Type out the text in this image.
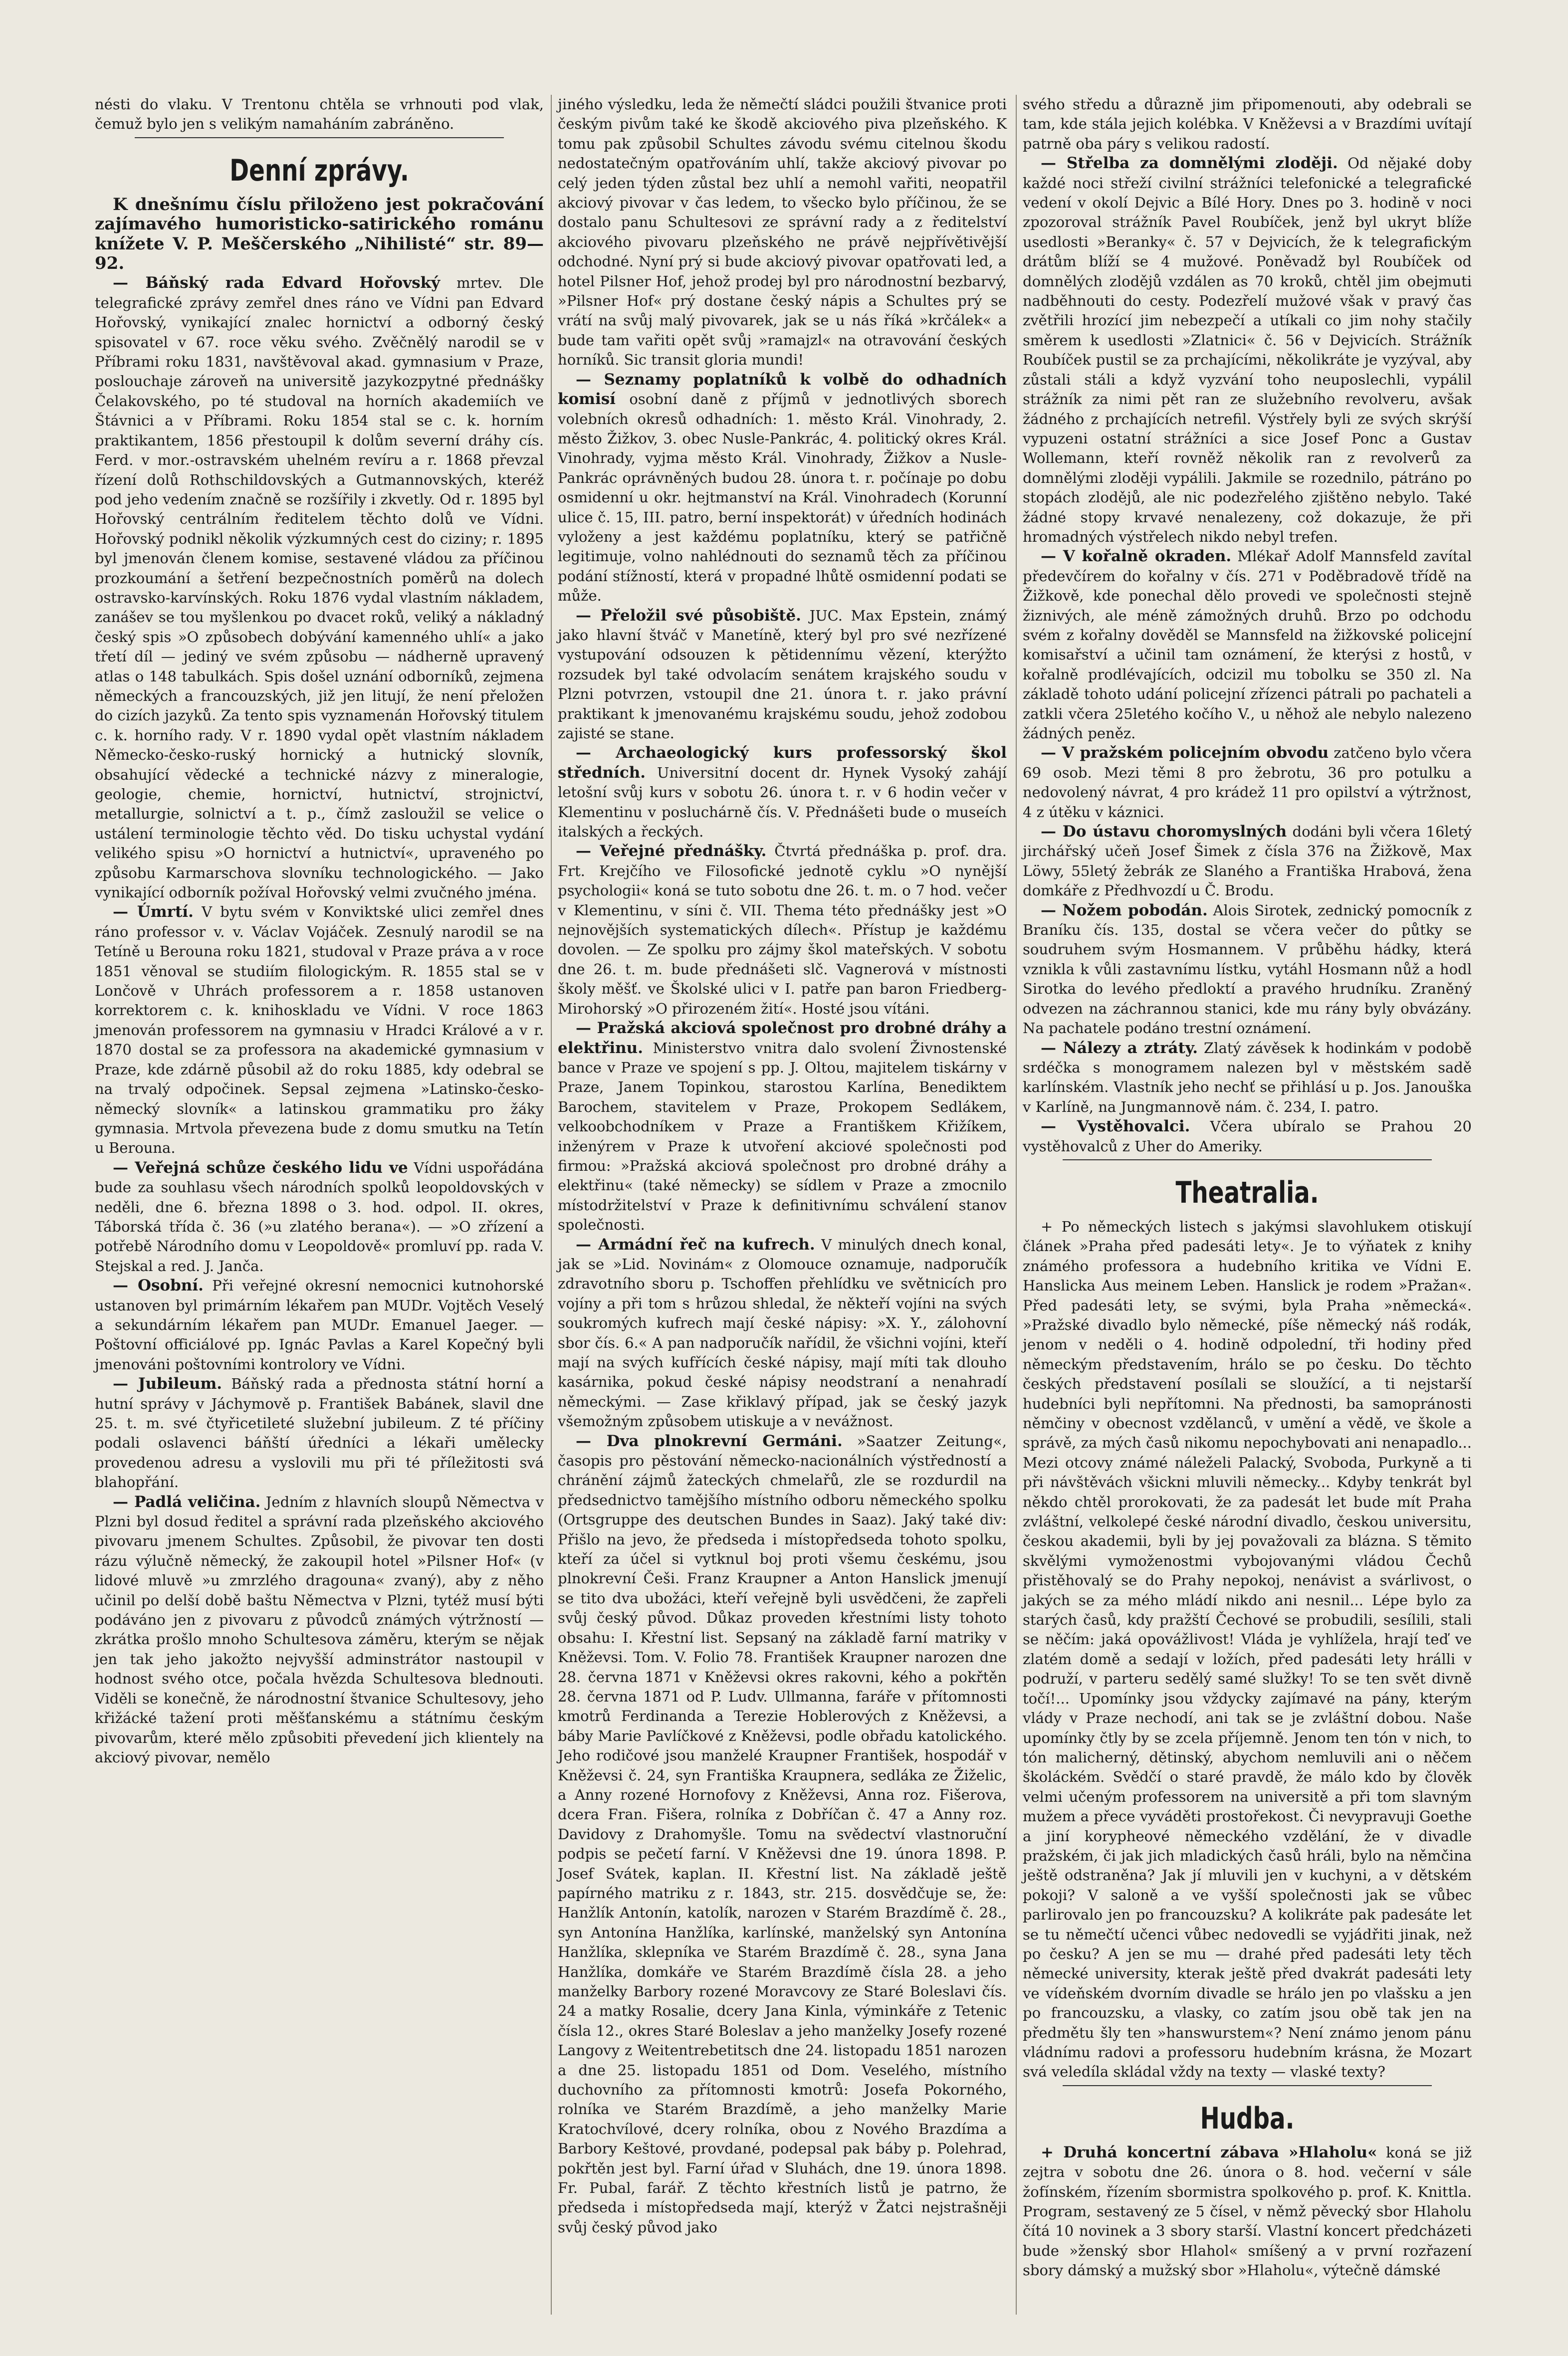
nésti do vlaku. V Trentonu chtěla se vrhnouti pod vlak, čemuž bylo jen s velikým namaháním zabráněno.

Denní zprávy.

K dnešnímu číslu přiloženo jest pokračování zajímavého humoristicko-satirického románu knížete V. P. Meščerského „Nihilisté“ str. 89—92.

— Báňský rada Edvard Hořovský mrtev. Dle telegrafické zprávy zemřel dnes ráno ve Vídni pan Edvard Hořovský, vynikající znalec hornictví a odborný český spisovatel v 67. roce věku svého. Zvěčnělý narodil se v Příbrami roku 1831, navštěvoval akad. gymnasium v Praze, poslouchaje zároveň na universitě jazykozpytné přednášky Čelakovského, po té studoval na horních akademiích ve Štávnici a v Příbrami. Roku 1854 stal se c. k. horním praktikantem, 1856 přestoupil k dolům severní dráhy cís. Ferd. v mor.-ostravském uhelném revíru a r. 1868 převzal řízení dolů Rothschildovských a Gutmannovských, kteréž pod jeho vedením značně se rozšířily i zkvetly. Od r. 1895 byl Hořovský centrálním ředitelem těchto dolů ve Vídni. Hořovský podnikl několik výzkumných cest do ciziny; r. 1895 byl jmenován členem komise, sestavené vládou za příčinou prozkoumání a šetření bezpečnostních poměrů na dolech ostravsko-karvínských. Roku 1876 vydal vlastním nákladem, zanášev se tou myšlenkou po dvacet roků, veliký a nákladný český spis »O způsobech dobývání kamenného uhlí« a jako třetí díl — jediný ve svém způsobu — nádherně upravený atlas o 148 tabulkách. Spis došel uznání odborníků, zejmena německých a francouzských, již jen litují, že není přeložen do cizích jazyků. Za tento spis vyznamenán Hořovský titulem c. k. horního rady. V r. 1890 vydal opět vlastním nákladem Německo-česko-ruský hornický a hutnický slovník, obsahující vědecké a technické názvy z mineralogie, geologie, chemie, hornictví, hutnictví, strojnictví, metallurgie, solnictví a t. p., čímž zasloužil se velice o ustálení terminologie těchto věd. Do tisku uchystal vydání velikého spisu »O hornictví a hutnictví«, upraveného po způsobu Karmarschova slovníku technologického. — Jako vynikající odborník požíval Hořovský velmi zvučného jména.

— Úmrtí. V bytu svém v Konviktské ulici zemřel dnes ráno professor v. v. Václav Vojáček. Zesnulý narodil se na Tetíně u Berouna roku 1821, studoval v Praze práva a v roce 1851 věnoval se studiím filologickým. R. 1855 stal se v Lončově v Uhrách professorem a r. 1858 ustanoven korrektorem c. k. knihoskladu ve Vídni. V roce 1863 jmenován professorem na gymnasiu v Hradci Králové a v r. 1870 dostal se za professora na akademické gymnasium v Praze, kde zdárně působil až do roku 1885, kdy odebral se na trvalý odpočinek. Sepsal zejmena »Latinsko-česko-německý slovník« a latinskou grammatiku pro žáky gymnasia. Mrtvola převezena bude z domu smutku na Tetín u Berouna.

— Veřejná schůze českého lidu ve Vídni uspořádána bude za souhlasu všech národních spolků leopoldovských v neděli, dne 6. března 1898 o 3. hod. odpol. II. okres, Táborská třída č. 36 (»u zlatého berana«). — »O zřízení a potřebě Národního domu v Leopoldově« promluví pp. rada V. Stejskal a red. J. Janča.

— Osobní. Při veřejné okresní nemocnici kutnohorské ustanoven byl primárním lékařem pan MUDr. Vojtěch Veselý a sekundárním lékařem pan MUDr. Emanuel Jaeger. — Poštovní officiálové pp. Ignác Pavlas a Karel Kopečný byli jmenováni poštovními kontrolory ve Vídni.

— Jubileum. Báňský rada a přednosta státní horní a hutní správy v Jáchymově p. František Babánek, slavil dne 25. t. m. své čtyřicetileté služební jubileum. Z té příčiny podali oslavenci báňští úředníci a lékaři umělecky provedenou adresu a vyslovili mu při té příležitosti svá blahopřání.

— Padlá veličina. Jedním z hlavních sloupů Němectva v Plzni byl dosud ředitel a správní rada plzeňského akciového pivovaru jmenem Schultes. Způsobil, že pivovar ten dosti rázu výlučně německý, že zakoupil hotel »Pilsner Hof« (v lidové mluvě »u zmrzlého dragouna« zvaný), aby z něho učinil po delší době baštu Němectva v Plzni, tytéž musí býti podáváno jen z pivovaru z původců známých výtržností — zkrátka prošlo mnoho Schultesova záměru, kterým se nějak jen tak jeho jakožto nejvyšší adminstrátor nastoupil v hodnost svého otce, počala hvězda Schultesova blednouti. Viděli se konečně, že národnostní štvanice Schultesovy, jeho křižácké tažení proti měšťanskému a státnímu českým pivovarům, které mělo způsobiti převedení jich klientely na akciový pivovar, nemělo

jiného výsledku, leda že němečtí sládci použili štvanice proti českým pivům také ke škodě akciového piva plzeňského. K tomu pak způsobil Schultes závodu svému citelnou škodu nedostatečným opatřováním uhlí, takže akciový pivovar po celý jeden týden zůstal bez uhlí a nemohl vařiti, neopatřil akciový pivovar v čas ledem, to všecko bylo příčinou, že se dostalo panu Schultesovi ze správní rady a z ředitelství akciového pivovaru plzeňského ne právě nejpřívětivější odchodné. Nyní prý si bude akciový pivovar opatřovati led, a hotel Pilsner Hof, jehož prodej byl pro národnostní bezbarvý, »Pilsner Hof« prý dostane český nápis a Schultes prý se vrátí na svůj malý pivovarek, jak se u nás říká »krčálek« a bude tam vařiti opět svůj »ramajzl« na otravování českých horníků. Sic transit gloria mundi!

— Seznamy poplatníků k volbě do odhadních komisí osobní daně z příjmů v jednotlivých sborech volebních okresů odhadních: 1. město Král. Vinohrady, 2. město Žižkov, 3. obec Nusle-Pankrác, 4. politický okres Král. Vinohrady, vyjma město Král. Vinohrady, Žižkov a Nusle-Pankrác oprávněných budou 28. února t. r. počínaje po dobu osmidenní u okr. hejtmanství na Král. Vinohradech (Korunní ulice č. 15, III. patro, berní inspektorát) v úředních hodinách vyloženy a jest každému poplatníku, který se patřičně legitimuje, volno nahlédnouti do seznamů těch za příčinou podání stížností, která v propadné lhůtě osmidenní podati se může.

— Přeložil své působiště. JUC. Max Epstein, známý jako hlavní štváč v Manetíně, který byl pro své nezřízené vystupování odsouzen k pětidennímu vězení, kterýžto rozsudek byl také odvolacím senátem krajského soudu v Plzni potvrzen, vstoupil dne 21. února t. r. jako právní praktikant k jmenovanému krajskému soudu, jehož zodobou zajisté se stane.

— Archaeologický kurs professorský škol středních. Universitní docent dr. Hynek Vysoký zahájí letošní svůj kurs v sobotu 26. února t. r. v 6 hodin večer v Klementinu v posluchárně čís. V. Přednášeti bude o museích italských a řeckých.

— Veřejné přednášky. Čtvrtá přednáška p. prof. dra. Frt. Krejčího ve Filosofické jednotě cyklu »O nynější psychologii« koná se tuto sobotu dne 26. t. m. o 7 hod. večer v Klementinu, v síni č. VII. Thema této přednášky jest »O nejnovějších systematických dílech«. Přístup je každému dovolen. — Ze spolku pro zájmy škol mateřských. V sobotu dne 26. t. m. bude přednášeti slč. Vagnerová v místnosti školy měšť. ve Školské ulici v I. patře pan baron Friedberg-Mirohorský »O přirozeném žití«. Hosté jsou vítáni.

— Pražská akciová společnost pro drobné dráhy a elektřinu. Ministerstvo vnitra dalo svolení Živnostenské bance v Praze ve spojení s pp. J. Oltou, majitelem tiskárny v Praze, Janem Topinkou, starostou Karlína, Benediktem Barochem, stavitelem v Praze, Prokopem Sedlákem, velkoobchodníkem v Praze a Františkem Křižíkem, inženýrem v Praze k utvoření akciové společnosti pod firmou: »Pražská akciová společnost pro drobné dráhy a elektřinu« (také německy) se sídlem v Praze a zmocnilo místodržitelství v Praze k definitivnímu schválení stanov společnosti.

— Armádní řeč na kufrech. V minulých dnech konal, jak se »Lid. Novinám« z Olomouce oznamuje, nadporučík zdravotního sboru p. Tschoffen přehlídku ve světnicích pro vojíny a při tom s hrůzou shledal, že někteří vojíni na svých soukromých kufrech mají české nápisy: »X. Y., zálohovní sbor čís. 6.« A pan nadporučík nařídil, že všichni vojíni, kteří mají na svých kufřících české nápisy, mají míti tak dlouho kasárnika, pokud české nápisy neodstraní a nenahradí německými. — Zase křiklavý případ, jak se český jazyk všemožným způsobem utiskuje a v nevážnost.

— Dva plnokrevní Germáni. »Saatzer Zeitung«, časopis pro pěstování německo-nacionálních výstředností a chránění zájmů žateckých chmelařů, zle se rozdurdil na předsednictvo tamějšího místního odboru německého spolku (Ortsgruppe des deutschen Bundes in Saaz). Jaký také div: Přišlo na jevo, že předseda i místopředseda tohoto spolku, kteří za účel si vytknul boj proti všemu českému, jsou plnokrevní Češi. Franz Kraupner a Anton Hanslick jmenují se tito dva ubožáci, kteří veřejně byli usvědčeni, že zapřeli svůj český původ. Důkaz proveden křestními listy tohoto obsahu: I. Křestní list. Sepsaný na základě farní matriky v Kněževsi. Tom. V. Folio 78. František Kraupner narozen dne 28. června 1871 v Kněževsi okres rakovni, kého a pokřtěn 28. června 1871 od P. Ludv. Ullmanna, faráře v přítomnosti kmotrů Ferdinanda a Terezie Hoblerových z Kněževsi, a báby Marie Pavlíčkové z Kněževsi, podle obřadu katolického. Jeho rodičové jsou manželé Kraupner František, hospodář v Kněževsi č. 24, syn Františka Kraupnera, sedláka ze Žiželic, a Anny rozené Hornofovy z Kněževsi, Anna roz. Fišerova, dcera Fran. Fišera, rolníka z Dobříčan č. 47 a Anny roz. Davidovy z Drahomyšle. Tomu na svědectví vlastnoruční podpis se pečetí farní. V Kněževsi dne 19. února 1898. P. Josef Svátek, kaplan. II. Křestní list. Na základě ještě papírného matriku z r. 1843, str. 215. dosvědčuje se, že: Hanžlík Antonín, katolík, narozen v Starém Brazdímě č. 28., syn Antonína Hanžlíka, karlínské, manželský syn Antonína Hanžlíka, sklepníka ve Starém Brazdímě č. 28., syna Jana Hanžlíka, domkáře ve Starém Brazdímě čísla 28. a jeho manželky Barbory rozené Moravcovy ze Staré Boleslavi čís. 24 a matky Rosalie, dcery Jana Kinla, výminkáře z Tetenic čísla 12., okres Staré Boleslav a jeho manželky Josefy rozené Langovy z Weitentrebetitsch dne 24. listopadu 1851 narozen a dne 25. listopadu 1851 od Dom. Veselého, místního duchovního za přítomnosti kmotrů: Josefa Pokorného, rolníka ve Starém Brazdímě, a jeho manželky Marie Kratochvílové, dcery rolníka, obou z Nového Brazdíma a Barbory Keštové, provdané, podepsal pak báby p. Polehrad, pokřtěn jest byl. Farní úřad v Sluhách, dne 19. února 1898. Fr. Pubal, farář. Z těchto křestních listů je patrno, že předseda i místopředseda mají, kterýž v Žatci nejstrašněji svůj český původ jako

svého středu a důrazně jim připomenouti, aby odebrali se tam, kde stála jejich kolébka. V Kněževsi a v Brazdími uvítají patrně oba páry s velikou radostí.

— Střelba za domnělými zloději. Od nějaké doby každé noci střeží civilní strážníci telefonické a telegrafické vedení v okolí Dejvic a Bílé Hory. Dnes po 3. hodině v noci zpozoroval strážník Pavel Roubíček, jenž byl ukryt blíže usedlosti »Beranky« č. 57 v Dejvicích, že k telegrafickým drátům blíží se 4 mužové. Poněvadž byl Roubíček od domnělých zlodějů vzdálen as 70 kroků, chtěl jim obejmuti nadběhnouti do cesty. Podezřelí mužové však v pravý čas zvětřili hrozící jim nebezpečí a utíkali co jim nohy stačily směrem k usedlosti »Zlatnici« č. 56 v Dejvicích. Strážník Roubíček pustil se za prchajícími, několikráte je vyzýval, aby zůstali stáli a když vyzvání toho neuposlechli, vypálil strážník za nimi pět ran ze služebního revolveru, avšak žádného z prchajících netrefil. Výstřely byli ze svých skrýší vypuzeni ostatní strážníci a sice Josef Ponc a Gustav Wollemann, kteří rovněž několik ran z revolverů za domnělými zloději vypálili. Jakmile se rozednilo, pátráno po stopách zlodějů, ale nic podezřelého zjištěno nebylo. Také žádné stopy krvavé nenalezeny, což dokazuje, že při hromadných výstřelech nikdo nebyl trefen.

— V kořalně okraden. Mlékař Adolf Mannsfeld zavítal předevčírem do kořalny v čís. 271 v Poděbradově třídě na Žižkově, kde ponechal dělo provedi ve společnosti stejně žiznivých, ale méně zámožných druhů. Brzo po odchodu svém z kořalny dověděl se Mannsfeld na žižkovské policejní komisařství a učinil tam oznámení, že kterýsi z hostů, v kořalně prodlévajících, odcizil mu tobolku se 350 zl. Na základě tohoto udání policejní zřízenci pátrali po pachateli a zatkli včera 25letého kočího V., u něhož ale nebylo nalezeno žádných peněz.

— V pražském policejním obvodu zatčeno bylo včera 69 osob. Mezi těmi 8 pro žebrotu, 36 pro potulku a nedovolený návrat, 4 pro krádež 11 pro opilství a výtržnost, 4 z útěku v káznici.

— Do ústavu choromyslných dodáni byli včera 16letý jirchářský učeň Josef Šimek z čísla 376 na Žižkově, Max Löwy, 55letý žebrák ze Slaného a Františka Hrabová, žena domkáře z Předhvozdí u Č. Brodu.

— Nožem pobodán. Alois Sirotek, zednický pomocník z Braníku čís. 135, dostal se včera večer do půtky se soudruhem svým Hosmannem. V průběhu hádky, která vznikla k vůli zastavnímu lístku, vytáhl Hosmann nůž a hodl Sirotka do levého předloktí a pravého hrudníku. Zraněný odvezen na záchrannou stanici, kde mu rány byly obvázány. Na pachatele podáno trestní oznámení.

— Nálezy a ztráty. Zlatý závěsek k hodinkám v podobě srdéčka s monogramem nalezen byl v městském sadě karlínském. Vlastník jeho nechť se přihlásí u p. Jos. Janouška v Karlíně, na Jungmannově nám. č. 234, I. patro.

— Vystěhovalci. Včera ubíralo se Prahou 20 vystěhovalců z Uher do Ameriky.

Theatralia.

+ Po německých listech s jakýmsi slavohlukem otiskují článek »Praha před padesáti lety«. Je to výňatek z knihy známého professora a hudebního kritika ve Vídni E. Hanslicka Aus meinem Leben. Hanslick je rodem »Pražan«. Před padesáti lety, se svými, byla Praha »německá«. »Pražské divadlo bylo německé, píše německý náš rodák, jenom v neděli o 4. hodině odpolední, tři hodiny před německým představením, hrálo se po česku. Do těchto českých představení posílali se sloužící, a ti nejstarší hudebníci byli nepřítomni. Na přednosti, ba samopránosti němčiny v obecnost vzdělanců, v umění a vědě, ve škole a správě, za mých časů nikomu nepochybovati ani nenapadlo... Mezi otcovy známé náleželi Palacký, Svoboda, Purkyně a ti při návštěvách všickni mluvili německy... Kdyby tenkrát byl někdo chtěl prorokovati, že za padesát let bude mít Praha zvláštní, velkolepé české národní divadlo, českou universitu, českou akademii, byli by jej považovali za blázna. S těmito skvělými vymoženostmi vybojovanými vládou Čechů přistěhovalý se do Prahy nepokoj, nenávist a svárlivost, o jakých se za mého mládí nikdo ani nesnil... Lépe bylo za starých časů, kdy pražští Čechové se probudili, sesílili, stali se něčím: jaká opovážlivost! Vláda je vyhlížela, hrají teď ve zlatém domě a sedají v ložích, před padesáti lety hrálli v podruží, v parteru sedělý samé služky! To se ten svět divně točí!... Upomínky jsou vždycky zajímavé na pány, kterým vlády v Praze nechodí, ani tak se je zvláštní dobou. Naše upomínky čtly by se zcela příjemně. Jenom ten tón v nich, to tón malicherný, dětinský, abychom nemluvili ani o něčem školáckém. Svědčí o staré pravdě, že málo kdo by člověk velmi učeným professorem na universitě a při tom slavným mužem a přece vyváděti prostořekost. Či nevypravuji Goethe a jiní korypheové německého vzdělání, že v divadle pražském, či jak jich mladických časů hráli, bylo na němčina ještě odstraněna? Jak jí mluvili jen v kuchyni, a v dětském pokoji? V saloně a ve vyšší společnosti jak se vůbec parlirovalo jen po francouzsku? A kolikráte pak padesáte let se tu němečtí učenci vůbec nedovedli se vyjádřiti jinak, než po česku? A jen se mu — drahé před padesáti lety těch německé university, kterak ještě před dvakrát padesáti lety ve vídeňském dvorním divadle se hrálo jen po vlašsku a jen po francouzsku, a vlasky, co zatím jsou obě tak jen na předmětu šly ten »hanswurstem«? Není známo jenom pánu vládnímu radovi a professoru hudebním krásna, že Mozart svá veledíla skládal vždy na texty — vlaské texty?

Hudba.

+ Druhá koncertní zábava »Hlaholu« koná se již zejtra v sobotu dne 26. února o 8. hod. večerní v sále žofínském, řízením sbormistra spolkového p. prof. K. Knittla. Program, sestavený ze 5 čísel, v němž pěvecký sbor Hlaholu čítá 10 novinek a 3 sbory starší. Vlastní koncert předcházeti bude »ženský sbor Hlahol« smíšený a v první rozřazení sbory dámský a mužský sbor »Hlaholu«, výtečně dámské
